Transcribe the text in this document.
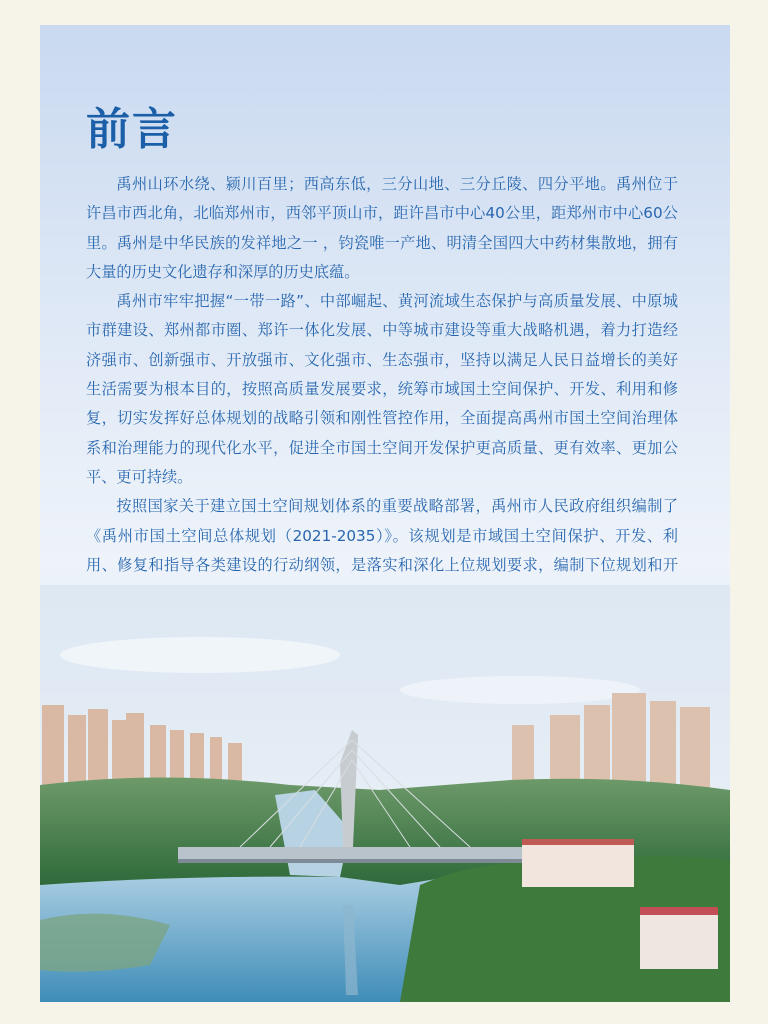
前言

禹州山环水绕、颍川百里；西高东低，三分山地、三分丘陵、四分平地。禹州位于许昌市西北角，北临郑州市，西邻平顶山市，距许昌市中心40公里，距郑州市中心60公里。禹州是中华民族的发祥地之一 ，钧瓷唯一产地、明清全国四大中药材集散地，拥有大量的历史文化遗存和深厚的历史底蕴。

禹州市牢牢把握“一带一路”、中部崛起、黄河流域生态保护与高质量发展、中原城市群建设、郑州都市圈、郑许一体化发展、中等城市建设等重大战略机遇，着力打造经济强市、创新强市、开放强市、文化强市、生态强市，坚持以满足人民日益增长的美好生活需要为根本目的，按照高质量发展要求，统筹市域国土空间保护、开发、利用和修复，切实发挥好总体规划的战略引领和刚性管控作用，全面提高禹州市国土空间治理体系和治理能力的现代化水平，促进全市国土空间开发保护更高质量、更有效率、更加公平、更可持续。

按照国家关于建立国土空间规划体系的重要战略部署，禹州市人民政府组织编制了《禹州市国土空间总体规划（2021-2035）》。该规划是市域国土空间保护、开发、利用、修复和指导各类建设的行动纲领，是落实和深化上位规划要求，编制下位规划和开
